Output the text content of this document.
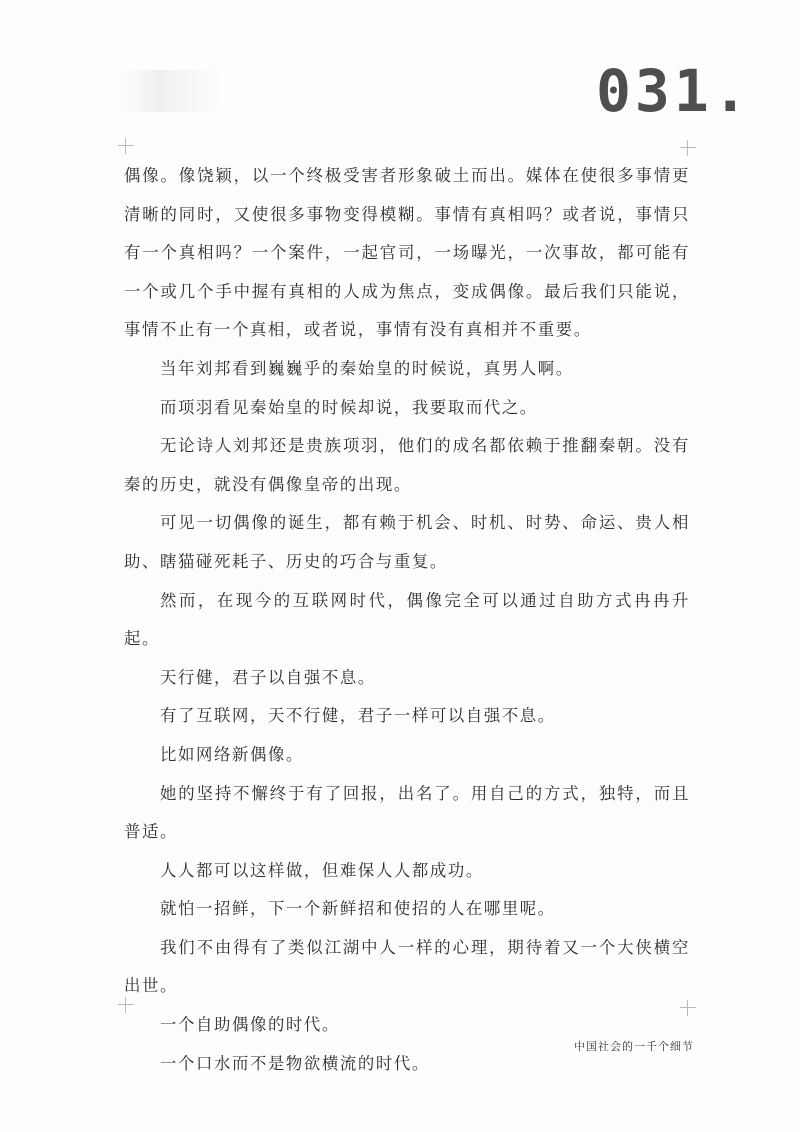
031.

偶像。像饶颖，以一个终极受害者形象破土而出。媒体在使很多事情更清晰的同时，又使很多事物变得模糊。事情有真相吗？或者说，事情只有一个真相吗？一个案件，一起官司，一场曝光，一次事故，都可能有一个或几个手中握有真相的人成为焦点，变成偶像。最后我们只能说，事情不止有一个真相，或者说，事情有没有真相并不重要。

当年刘邦看到巍巍乎的秦始皇的时候说，真男人啊。

而项羽看见秦始皇的时候却说，我要取而代之。

无论诗人刘邦还是贵族项羽，他们的成名都依赖于推翻秦朝。没有秦的历史，就没有偶像皇帝的出现。

可见一切偶像的诞生，都有赖于机会、时机、时势、命运、贵人相助、瞎猫碰死耗子、历史的巧合与重复。

然而，在现今的互联网时代，偶像完全可以通过自助方式冉冉升起。

天行健，君子以自强不息。

有了互联网，天不行健，君子一样可以自强不息。

比如网络新偶像。

她的坚持不懈终于有了回报，出名了。用自己的方式，独特，而且普适。

人人都可以这样做，但难保人人都成功。

就怕一招鲜，下一个新鲜招和使招的人在哪里呢。

我们不由得有了类似江湖中人一样的心理，期待着又一个大侠横空出世。

一个自助偶像的时代。

一个口水而不是物欲横流的时代。

中国社会的一千个细节
